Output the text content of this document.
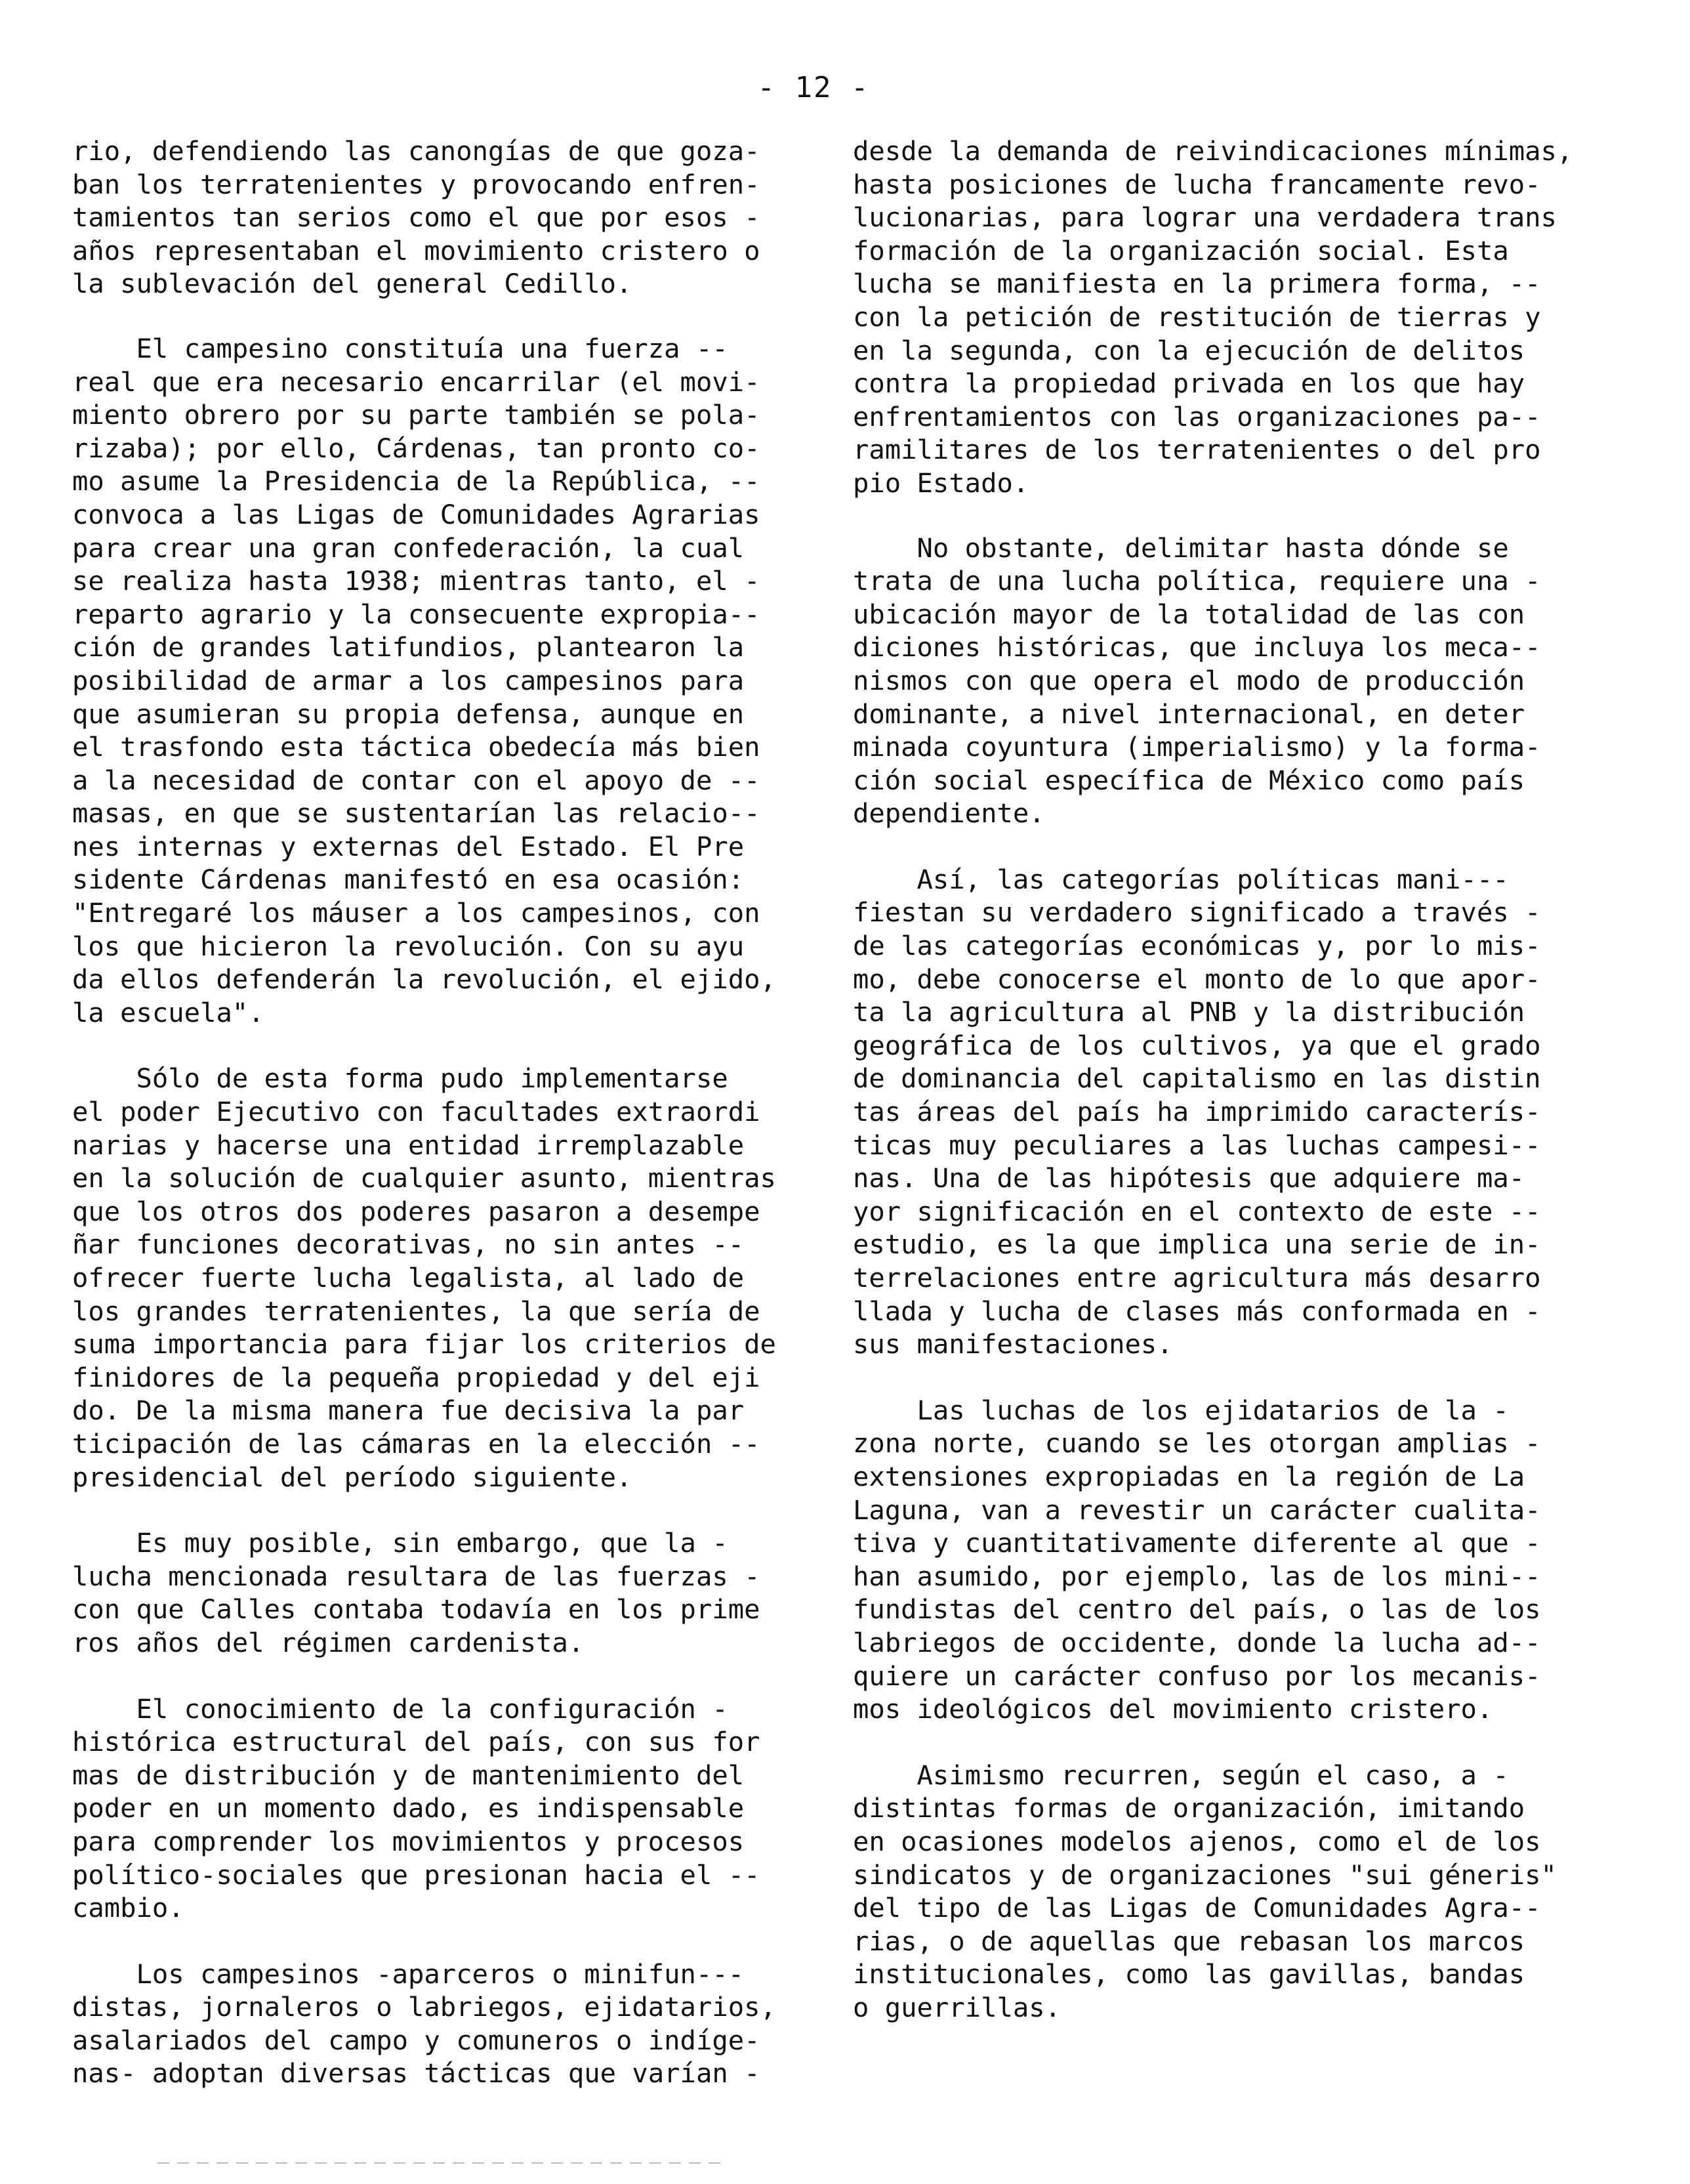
- 12 -
rio, defendiendo las canongías de que goza-
ban los terratenientes y provocando enfren-
tamientos tan serios como el que por esos -
años representaban el movimiento cristero o
la sublevación del general Cedillo.
El campesino constituía una fuerza --
real que era necesario encarrilar (el movi-
miento obrero por su parte también se pola-
rizaba); por ello, Cárdenas, tan pronto co-
mo asume la Presidencia de la República, --
convoca a las Ligas de Comunidades Agrarias
para crear una gran confederación, la cual
se realiza hasta 1938; mientras tanto, el -
reparto agrario y la consecuente expropia--
ción de grandes latifundios, plantearon la
posibilidad de armar a los campesinos para
que asumieran su propia defensa, aunque en
el trasfondo esta táctica obedecía más bien
a la necesidad de contar con el apoyo de --
masas, en que se sustentarían las relacio--
nes internas y externas del Estado. El Pre
sidente Cárdenas manifestó en esa ocasión:
"Entregaré los máuser a los campesinos, con
los que hicieron la revolución. Con su ayu
da ellos defenderán la revolución, el ejido,
la escuela".
Sólo de esta forma pudo implementarse
el poder Ejecutivo con facultades extraordi
narias y hacerse una entidad irremplazable
en la solución de cualquier asunto, mientras
que los otros dos poderes pasaron a desempe
ñar funciones decorativas, no sin antes --
ofrecer fuerte lucha legalista, al lado de
los grandes terratenientes, la que sería de
suma importancia para fijar los criterios de
finidores de la pequeña propiedad y del eji
do. De la misma manera fue decisiva la par
ticipación de las cámaras en la elección --
presidencial del período siguiente.
Es muy posible, sin embargo, que la -
lucha mencionada resultara de las fuerzas -
con que Calles contaba todavía en los prime
ros años del régimen cardenista.
El conocimiento de la configuración -
histórica estructural del país, con sus for
mas de distribución y de mantenimiento del
poder en un momento dado, es indispensable
para comprender los movimientos y procesos
político-sociales que presionan hacia el --
cambio.
Los campesinos -aparceros o minifun---
distas, jornaleros o labriegos, ejidatarios,
asalariados del campo y comuneros o indíge-
nas- adoptan diversas tácticas que varían -
desde la demanda de reivindicaciones mínimas,
hasta posiciones de lucha francamente revo-
lucionarias, para lograr una verdadera trans
formación de la organización social. Esta
lucha se manifiesta en la primera forma, --
con la petición de restitución de tierras y
en la segunda, con la ejecución de delitos
contra la propiedad privada en los que hay
enfrentamientos con las organizaciones pa--
ramilitares de los terratenientes o del pro
pio Estado.
No obstante, delimitar hasta dónde se
trata de una lucha política, requiere una -
ubicación mayor de la totalidad de las con
diciones históricas, que incluya los meca--
nismos con que opera el modo de producción
dominante, a nivel internacional, en deter
minada coyuntura (imperialismo) y la forma-
ción social específica de México como país
dependiente.
Así, las categorías políticas mani---
fiestan su verdadero significado a través -
de las categorías económicas y, por lo mis-
mo, debe conocerse el monto de lo que apor-
ta la agricultura al PNB y la distribución
geográfica de los cultivos, ya que el grado
de dominancia del capitalismo en las distin
tas áreas del país ha imprimido caracterís-
ticas muy peculiares a las luchas campesi--
nas. Una de las hipótesis que adquiere ma-
yor significación en el contexto de este --
estudio, es la que implica una serie de in-
terrelaciones entre agricultura más desarro
llada y lucha de clases más conformada en -
sus manifestaciones.
Las luchas de los ejidatarios de la -
zona norte, cuando se les otorgan amplias -
extensiones expropiadas en la región de La
Laguna, van a revestir un carácter cualita-
tiva y cuantitativamente diferente al que -
han asumido, por ejemplo, las de los mini--
fundistas del centro del país, o las de los
labriegos de occidente, donde la lucha ad--
quiere un carácter confuso por los mecanis-
mos ideológicos del movimiento cristero.
Asimismo recurren, según el caso, a -
distintas formas de organización, imitando
en ocasiones modelos ajenos, como el de los
sindicatos y de organizaciones "sui géneris"
del tipo de las Ligas de Comunidades Agra--
rias, o de aquellas que rebasan los marcos
institucionales, como las gavillas, bandas
o guerrillas.
